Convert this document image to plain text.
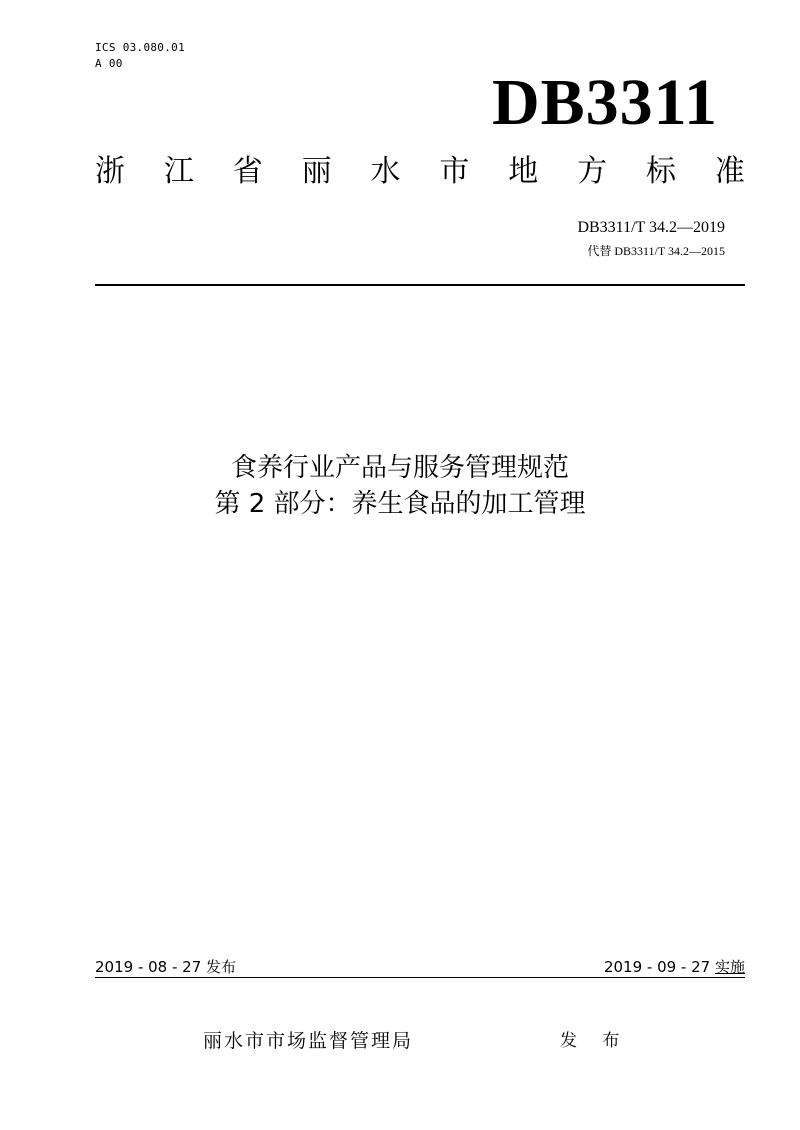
ICS 03.080.01
A 00
DB3311
浙 江 省 丽 水 市 地 方 标 准
DB3311/T 34.2—2019
代替 DB3311/T 34.2—2015
食养行业产品与服务管理规范
第 2 部分：养生食品的加工管理
2019 - 08 - 27 发布	2019 - 09 - 27 实施
丽水市市场监督管理局	发 布
